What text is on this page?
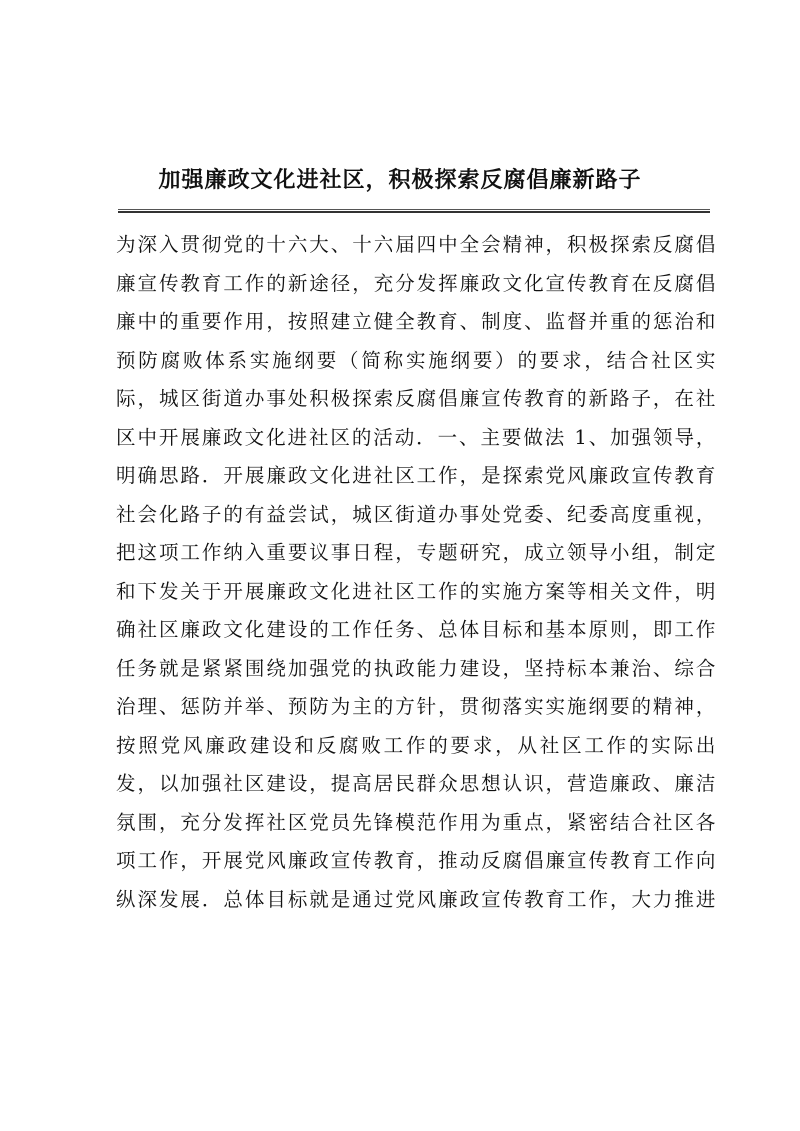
加强廉政文化进社区，积极探索反腐倡廉新路子
为深入贯彻党的十六大、十六届四中全会精神，积极探索反腐倡
廉宣传教育工作的新途径，充分发挥廉政文化宣传教育在反腐倡
廉中的重要作用，按照建立健全教育、制度、监督并重的惩治和
预防腐败体系实施纲要（简称实施纲要）的要求，结合社区实
际，城区街道办事处积极探索反腐倡廉宣传教育的新路子，在社
区中开展廉政文化进社区的活动．一、主要做法 1、加强领导，
明确思路．开展廉政文化进社区工作，是探索党风廉政宣传教育
社会化路子的有益尝试，城区街道办事处党委、纪委高度重视，
把这项工作纳入重要议事日程，专题研究，成立领导小组，制定
和下发关于开展廉政文化进社区工作的实施方案等相关文件，明
确社区廉政文化建设的工作任务、总体目标和基本原则，即工作
任务就是紧紧围绕加强党的执政能力建设，坚持标本兼治、综合
治理、惩防并举、预防为主的方针，贯彻落实实施纲要的精神，
按照党风廉政建设和反腐败工作的要求，从社区工作的实际出
发，以加强社区建设，提高居民群众思想认识，营造廉政、廉洁
氛围，充分发挥社区党员先锋模范作用为重点，紧密结合社区各
项工作，开展党风廉政宣传教育，推动反腐倡廉宣传教育工作向
纵深发展．总体目标就是通过党风廉政宣传教育工作，大力推进
